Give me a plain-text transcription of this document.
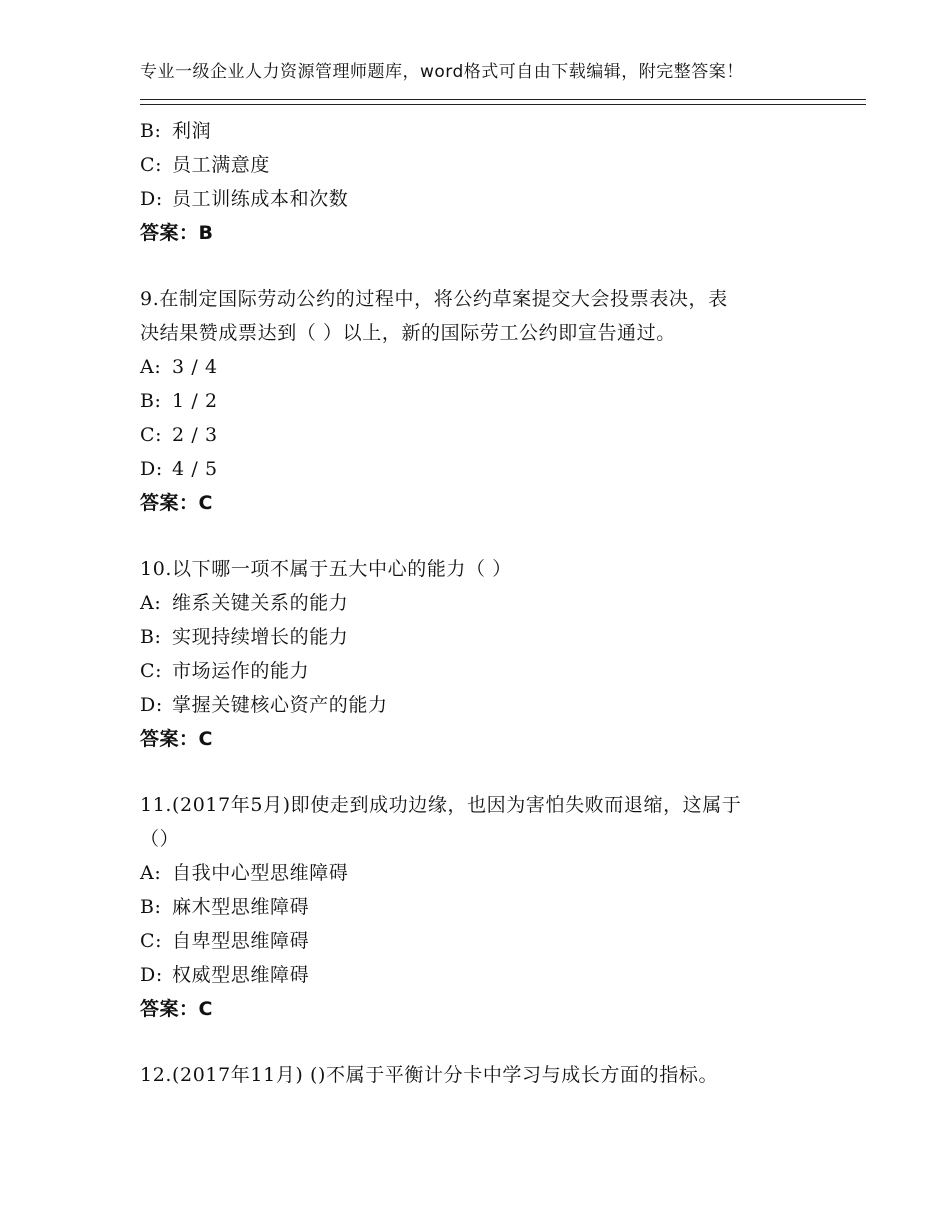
专业一级企业人力资源管理师题库，word格式可自由下载编辑，附完整答案！
B: 利润
C: 员工满意度
D: 员工训练成本和次数
答案：B
9.在制定国际劳动公约的过程中，将公约草案提交大会投票表决，表
决结果赞成票达到（ ）以上，新的国际劳工公约即宣告通过。
A: 3 / 4
B: 1 / 2
C: 2 / 3
D: 4 / 5
答案：C
10.以下哪一项不属于五大中心的能力（ ）
A: 维系关键关系的能力
B: 实现持续增长的能力
C: 市场运作的能力
D: 掌握关键核心资产的能力
答案：C
11.(2017年5月)即使走到成功边缘，也因为害怕失败而退缩，这属于
（）
A: 自我中心型思维障碍
B: 麻木型思维障碍
C: 自卑型思维障碍
D: 权威型思维障碍
答案：C
12.(2017年11月) ()不属于平衡计分卡中学习与成长方面的指标。
